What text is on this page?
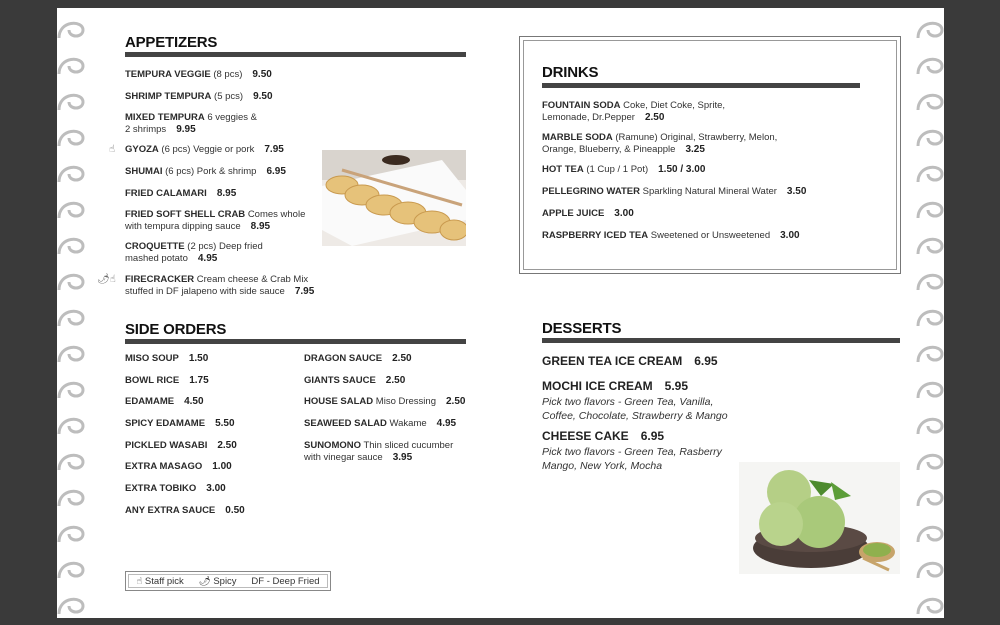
APPETIZERS
TEMPURA VEGGIE (8 pcs) 9.50
SHRIMP TEMPURA (5 pcs) 9.50
MIXED TEMPURA 6 veggies &
2 shrimps 9.95
GYOZA (6 pcs) Veggie or pork 7.95
☝
SHUMAI (6 pcs) Pork & shrimp 6.95
FRIED CALAMARI 8.95
FRIED SOFT SHELL CRAB Comes whole
with tempura dipping sauce 8.95
CROQUETTE (2 pcs) Deep fried
mashed potato 4.95
FIRECRACKER Cream cheese & Crab Mix
stuffed in DF jalapeno with side sauce 7.95
🌶☝
DRINKS
FOUNTAIN SODA Coke, Diet Coke, Sprite,
Lemonade, Dr.Pepper 2.50
MARBLE SODA (Ramune) Original, Strawberry, Melon,
Orange, Blueberry, & Pineapple 3.25
HOT TEA (1 Cup / 1 Pot) 1.50 / 3.00
PELLEGRINO WATER Sparkling Natural Mineral Water 3.50
APPLE JUICE 3.00
RASPBERRY ICED TEA Sweetened or Unsweetened 3.00
SIDE ORDERS
MISO SOUP 1.50
BOWL RICE 1.75
EDAMAME 4.50
SPICY EDAMAME 5.50
PICKLED WASABI 2.50
EXTRA MASAGO 1.00
EXTRA TOBIKO 3.00
ANY EXTRA SAUCE 0.50
DRAGON SAUCE 2.50
GIANTS SAUCE 2.50
HOUSE SALAD Miso Dressing 2.50
SEAWEED SALAD Wakame 4.95
SUNOMONO Thin sliced cucumber
with vinegar sauce 3.95
DESSERTS
GREEN TEA ICE CREAM 6.95
MOCHI ICE CREAM 5.95
Pick two flavors - Green Tea, Vanilla,
Coffee, Chocolate, Strawberry & Mango
CHEESE CAKE 6.95
Pick two flavors - Green Tea, Rasberry
Mango, New York, Mocha
☝ Staff pick 🌶 Spicy DF - Deep Fried
